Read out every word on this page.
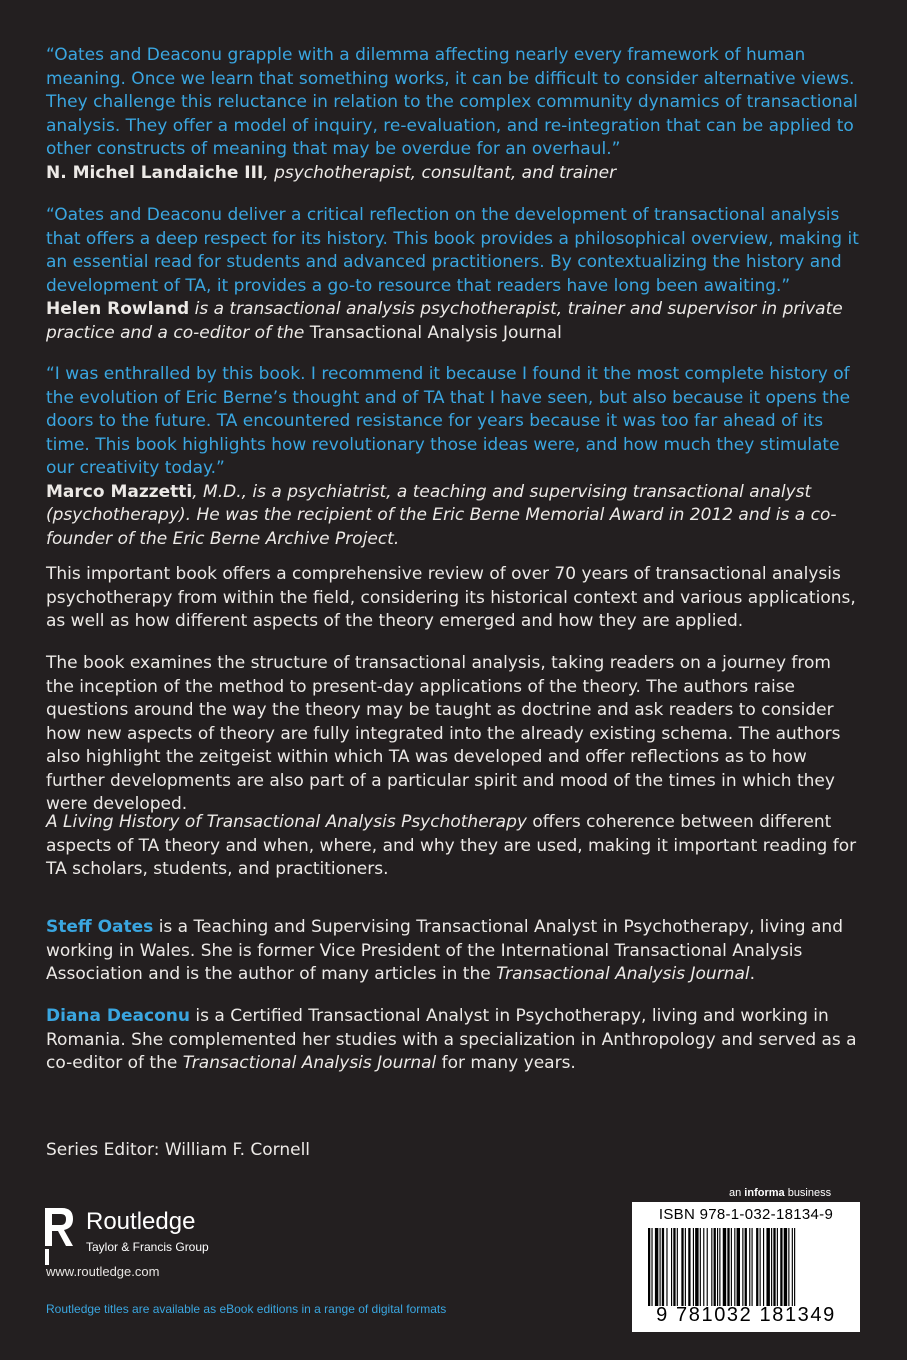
“Oates and Deaconu grapple with a dilemma affecting nearly every framework of human meaning. Once we learn that something works, it can be difficult to consider alternative views. They challenge this reluctance in relation to the complex community dynamics of transactional analysis. They offer a model of inquiry, re-evaluation, and re-integration that can be applied to other constructs of meaning that may be overdue for an overhaul.”

N. Michel Landaiche III, psychotherapist, consultant, and trainer

“Oates and Deaconu deliver a critical reflection on the development of transactional analysis that offers a deep respect for its history. This book provides a philosophical overview, making it an essential read for students and advanced practitioners. By contextualizing the history and development of TA, it provides a go-to resource that readers have long been awaiting.”

Helen Rowland is a transactional analysis psychotherapist, trainer and supervisor in private practice and a co-editor of the Transactional Analysis Journal

“I was enthralled by this book. I recommend it because I found it the most complete history of the evolution of Eric Berne’s thought and of TA that I have seen, but also because it opens the doors to the future. TA encountered resistance for years because it was too far ahead of its time. This book highlights how revolutionary those ideas were, and how much they stimulate our creativity today.”

Marco Mazzetti, M.D., is a psychiatrist, a teaching and supervising transactional analyst (psychotherapy). He was the recipient of the Eric Berne Memorial Award in 2012 and is a co-founder of the Eric Berne Archive Project.

This important book offers a comprehensive review of over 70 years of transactional analysis psychotherapy from within the field, considering its historical context and various applications, as well as how different aspects of the theory emerged and how they are applied.

The book examines the structure of transactional analysis, taking readers on a journey from the inception of the method to present-day applications of the theory. The authors raise questions around the way the theory may be taught as doctrine and ask readers to consider how new aspects of theory are fully integrated into the already existing schema. The authors also highlight the zeitgeist within which TA was developed and offer reflections as to how further developments are also part of a particular spirit and mood of the times in which they were developed.

A Living History of Transactional Analysis Psychotherapy offers coherence between different aspects of TA theory and when, where, and why they are used, making it important reading for TA scholars, students, and practitioners.

Steff Oates is a Teaching and Supervising Transactional Analyst in Psychotherapy, living and working in Wales. She is former Vice President of the International Transactional Analysis Association and is the author of many articles in the Transactional Analysis Journal.

Diana Deaconu is a Certified Transactional Analyst in Psychotherapy, living and working in Romania. She complemented her studies with a specialization in Anthropology and served as a co-editor of the Transactional Analysis Journal for many years.

Series Editor: William F. Cornell
Routledge
Taylor & Francis Group
www.routledge.com
Routledge titles are available as eBook editions in a range of digital formats
an informa business
ISBN 978-1-032-18134-9
9 781032 181349
